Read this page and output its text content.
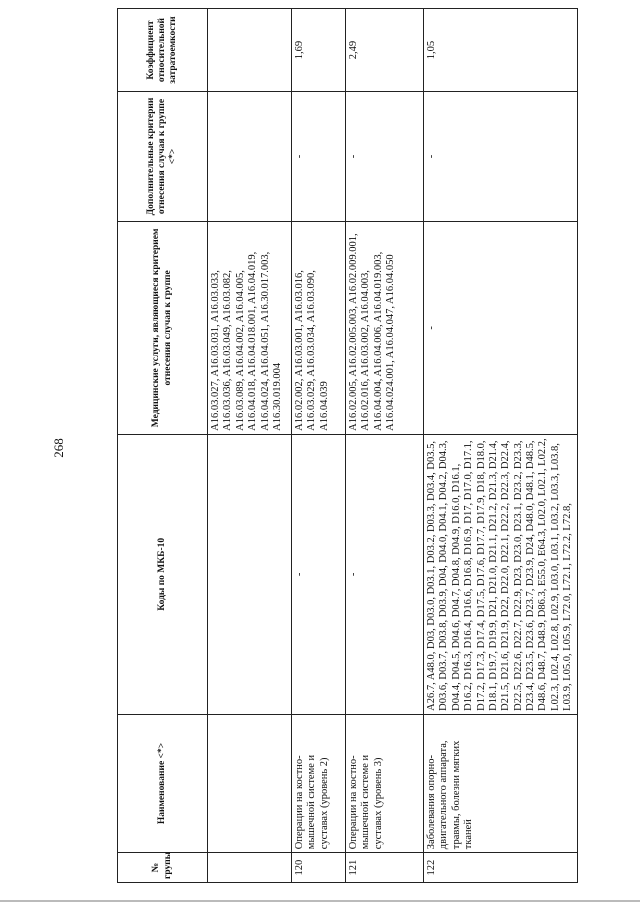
268
№ групы	Наименование <*>	Коды по МКБ-10	Медицинские услуги, являющиеся критерием отнесения случая к группе	Дополнительные критерии отнесения случая к группе <*>	Коэффициент относительной затратоемкости
			A16.03.027, A16.03.031, A16.03.033, A16.03.036, A16.03.049, A16.03.082, A16.03.089, A16.04.002, A16.04.005, A16.04.018, A16.04.018.001, A16.04.019, A16.04.024, A16.04.051, A16.30.017.003, A16.30.019.004		
120	Операции на костно-мышечной системе и суставах (уровень 2)	-	A16.02.002, A16.03.001, A16.03.016, A16.03.029, A16.03.034, A16.03.090, A16.04.039	-	1,69
121	Операции на костно-мышечной системе и суставах (уровень 3)	-	A16.02.005, A16.02.005.003, A16.02.009.001, A16.02.016, A16.03.002, A16.04.003, A16.04.004, A16.04.006, A16.04.019.003, A16.04.024.001, A16.04.047, A16.04.050	-	2,49
122	Заболевания опорно-двигательного аппарата, травмы, болезни мягких тканей	A26.7, A48.0, D03, D03.0, D03.1, D03.2, D03.3, D03.4, D03.5, D03.6, D03.7, D03.8, D03.9, D04, D04.0, D04.1, D04.2, D04.3, D04.4, D04.5, D04.6, D04.7, D04.8, D04.9, D16.0, D16.1, D16.2, D16.3, D16.4, D16.6, D16.8, D16.9, D17, D17.0, D17.1, D17.2, D17.3, D17.4, D17.5, D17.6, D17.7, D17.9, D18, D18.0, D18.1, D19.7, D19.9, D21, D21.0, D21.1, D21.2, D21.3, D21.4, D21.5, D21.6, D21.9, D22, D22.0, D22.1, D22.2, D22.3, D22.4, D22.5, D22.6, D22.7, D22.9, D23, D23.0, D23.1, D23.2, D23.3, D23.4, D23.5, D23.6, D23.7, D23.9, D24, D48.0, D48.1, D48.5, D48.6, D48.7, D48.9, D86.3, E55.0, E64.3, L02.0, L02.1, L02.2, L02.3, L02.4, L02.8, L02.9, L03.0, L03.1, L03.2, L03.3, L03.8, L03.9, L05.0, L05.9, L72.0, L72.1, L72.2, L72.8,	-	-	1,05
